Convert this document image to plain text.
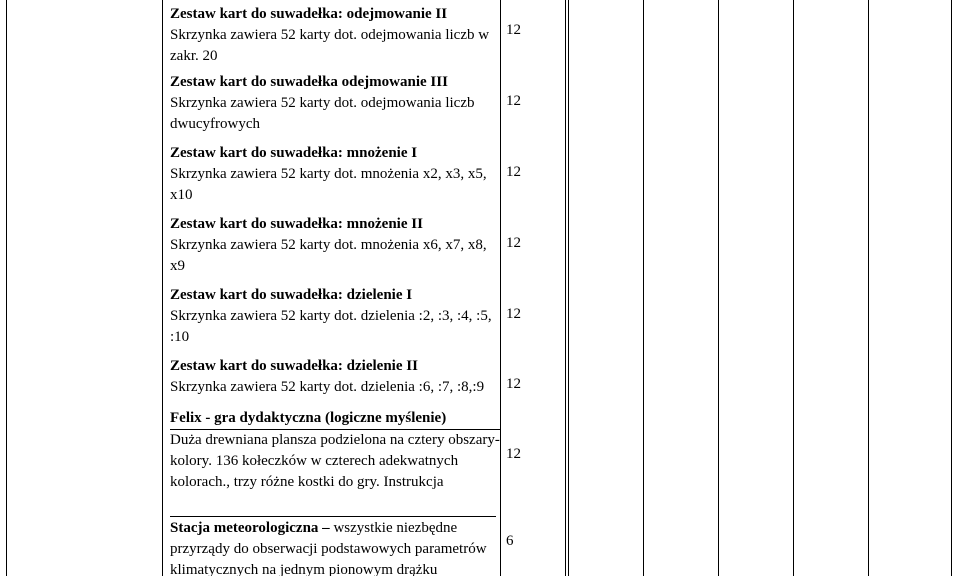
Zestaw kart do suwadełka: odejmowanie II
Skrzynka zawiera 52 karty dot. odejmowania liczb w zakr. 20
12
Zestaw kart do suwadełka odejmowanie III
Skrzynka zawiera 52 karty dot. odejmowania liczb dwucyfrowych
12
Zestaw kart do suwadełka: mnożenie I
Skrzynka zawiera 52 karty dot. mnożenia x2, x3, x5, x10
12
Zestaw kart do suwadełka: mnożenie II
Skrzynka zawiera 52 karty dot. mnożenia x6, x7, x8, x9
12
Zestaw kart do suwadełka: dzielenie I
Skrzynka zawiera 52 karty dot. dzielenia :2, :3, :4, :5, :10
12
Zestaw kart do suwadełka: dzielenie II
Skrzynka zawiera 52 karty dot. dzielenia :6, :7, :8,:9	12
Felix - gra dydaktyczna (logiczne myślenie)
Duża drewniana plansza podzielona na cztery obszary- kolory. 136 kołeczków w czterech adekwatnych kolorach., trzy różne kostki do gry. Instrukcja
12
Stacja meteorologiczna – wszystkie niezbędne przyrządy do obserwacji podstawowych parametrów klimatycznych na jednym pionowym drążku
6
